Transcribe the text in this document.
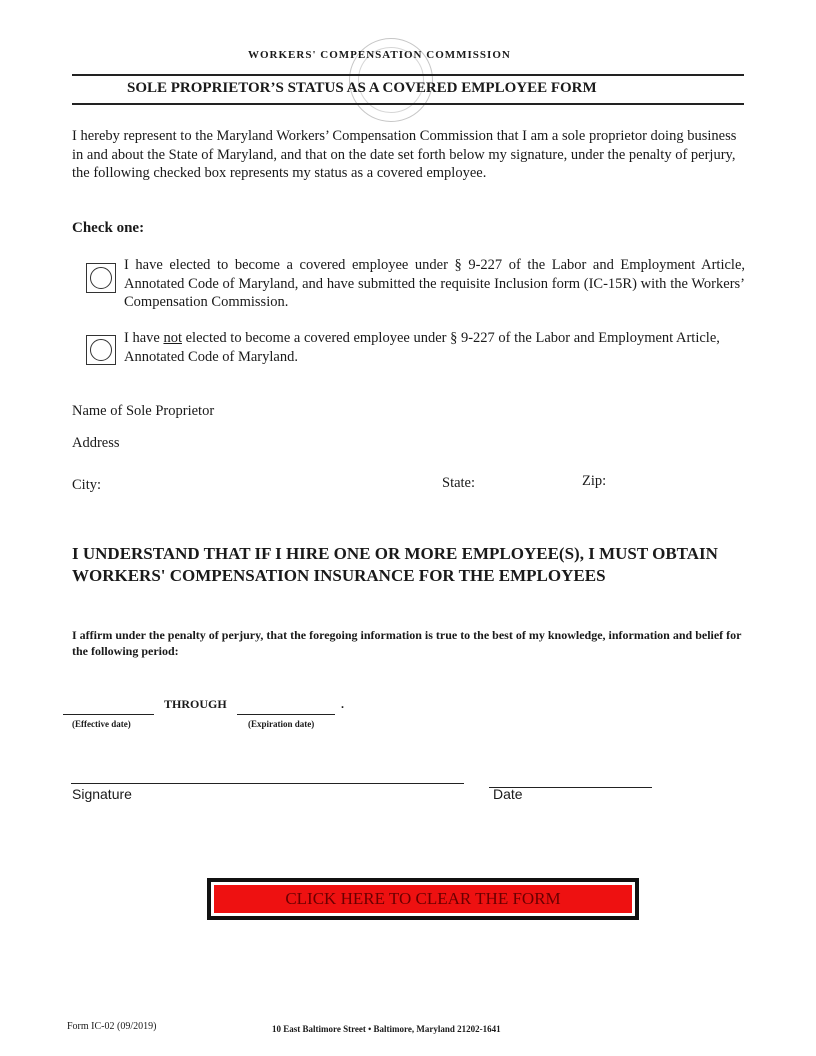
WORKERS' COMPENSATION COMMISSION
SOLE PROPRIETOR’S STATUS AS A COVERED EMPLOYEE FORM
I hereby represent to the Maryland Workers’ Compensation Commission that I am a sole proprietor doing business in and about the State of Maryland, and that on the date set forth below my signature, under the penalty of perjury, the following checked box represents my status as a covered employee.
Check one:
I have elected to become a covered employee under § 9-227 of the Labor and Employment Article, Annotated Code of Maryland, and have submitted the requisite Inclusion form (IC-15R) with the Workers’ Compensation Commission.
I have not elected to become a covered employee under § 9-227 of the Labor and Employment Article, Annotated Code of Maryland.
Name of Sole Proprietor
Address
City:	State:	Zip:
I UNDERSTAND THAT IF I HIRE ONE OR MORE EMPLOYEE(S), I MUST OBTAIN WORKERS' COMPENSATION INSURANCE FOR THE EMPLOYEES
I affirm under the penalty of perjury, that the foregoing information is true to the best of my knowledge, information and belief for the following period:
THROUGH	.
(Effective date)	(Expiration date)
Signature	Date
CLICK HERE TO CLEAR THE FORM
Form IC-02 (09/2019)	10 East Baltimore Street • Baltimore, Maryland 21202-1641
